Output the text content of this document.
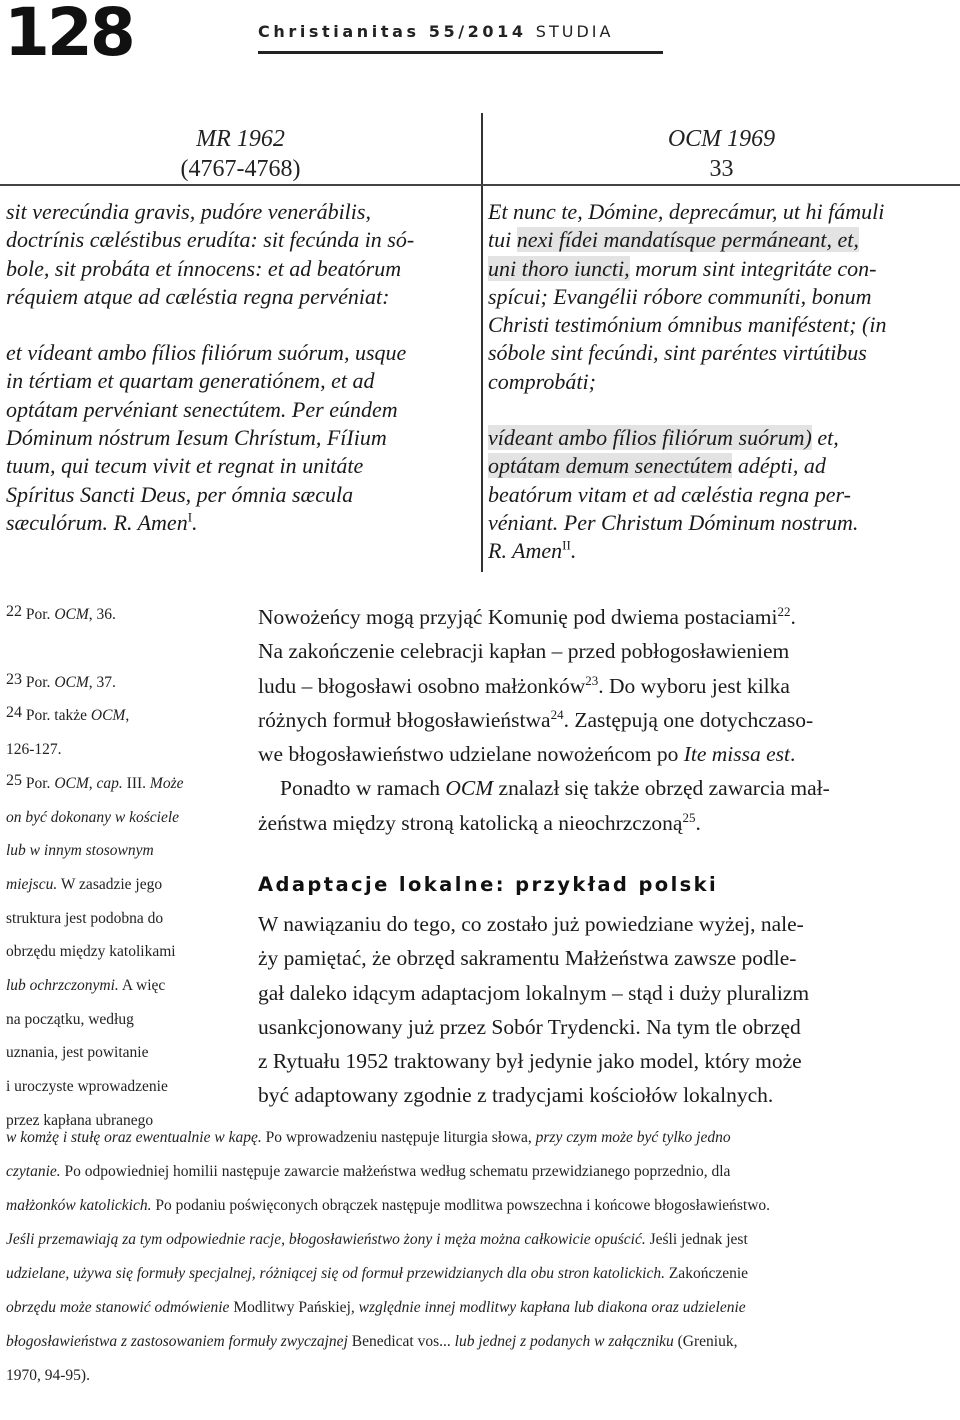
128	Christianitas 55/2014 STUDIA
MR 1962
(4767-4768)
OCM 1969
33

sit verecúndia gravis, pudóre venerábilis,

doctrínis cæléstibus erudíta: sit fecúnda in só-

bole, sit probáta et ínnocens: et ad beatórum

réquiem atque ad cæléstia regna pervéniat:

et vídeant ambo fílios filiórum suórum, usque

in tértiam et quartam generatiónem, et ad

optátam pervéniant senectútem. Per eúndem

Dóminum nóstrum Iesum Chrístum, FíIium

tuum, qui tecum vivit et regnat in unitáte

Spíritus Sancti Deus, per ómnia sæcula

sæculórum. R. Amen$^I$.

Et nunc te, Dómine, deprecámur, ut hi fámuli

tui nexi fídei mandatísque permáneant, et,

uni thoro iuncti, morum sint integritáte con-

spícui; Evangélii róbore communíti, bonum

Christi testimónium ómnibus maniféstent; (in

sóbole sint fecúndi, sint paréntes virtútibus

comprobáti;

vídeant ambo fílios filiórum suórum) et,

optátam demum senectútem adépti, ad

beatórum vitam et ad cæléstia regna per-

véniant. Per Christum Dóminum nostrum.

R. Amen$^{II}$.

22 Por. OCM, 36.
23 Por. OCM, 37.
24 Por. także OCM,
126-127.
25 Por. OCM, cap. III. Może
on być dokonany w kościele
lub w innym stosownym
miejscu. W zasadzie jego
struktura jest podobna do
obrzędu między katolikami
lub ochrzczonymi. A więc
na początku, według
uznania, jest powitanie
i uroczyste wprowadzenie
przez kapłana ubranego
Nowożeńcy mogą przyjąć Komunię pod dwiema postaciami$^{22}$.
Na zakończenie celebracji kapłan – przed pobłogosławieniem
ludu – błogosławi osobno małżonków$^{23}$. Do wyboru jest kilka
różnych formuł błogosławieństwa$^{24}$. Zastępują one dotychczaso-
we błogosławieństwo udzielane nowożeńcom po Ite missa est.
Ponadto w ramach OCM znalazł się także obrzęd zawarcia mał-
żeństwa między stroną katolicką a nieochrzczoną$^{25}$.
Adaptacje lokalne: przykład polski
W nawiązaniu do tego, co zostało już powiedziane wyżej, nale-
ży pamiętać, że obrzęd sakramentu Małżeństwa zawsze podle-
gał daleko idącym adaptacjom lokalnym – stąd i duży pluralizm
usankcjonowany już przez Sobór Trydencki. Na tym tle obrzęd
z Rytuału 1952 traktowany był jedynie jako model, który może
być adaptowany zgodnie z tradycjami kościołów lokalnych.
w komżę i stułę oraz ewentualnie w kapę. Po wprowadzeniu następuje liturgia słowa, przy czym może być tylko jedno
czytanie. Po odpowiedniej homilii następuje zawarcie małżeństwa według schematu przewidzianego poprzednio, dla
małżonków katolickich. Po podaniu poświęconych obrączek następuje modlitwa powszechna i końcowe błogosławieństwo.
Jeśli przemawiają za tym odpowiednie racje, błogosławieństwo żony i męża można całkowicie opuścić. Jeśli jednak jest
udzielane, używa się formuły specjalnej, różniącej się od formuł przewidzianych dla obu stron katolickich. Zakończenie
obrzędu może stanowić odmówienie Modlitwy Pańskiej, względnie innej modlitwy kapłana lub diakona oraz udzielenie
błogosławieństwa z zastosowaniem formuły zwyczajnej Benedicat vos... lub jednej z podanych w załączniku (Greniuk,
1970, 94-95).
